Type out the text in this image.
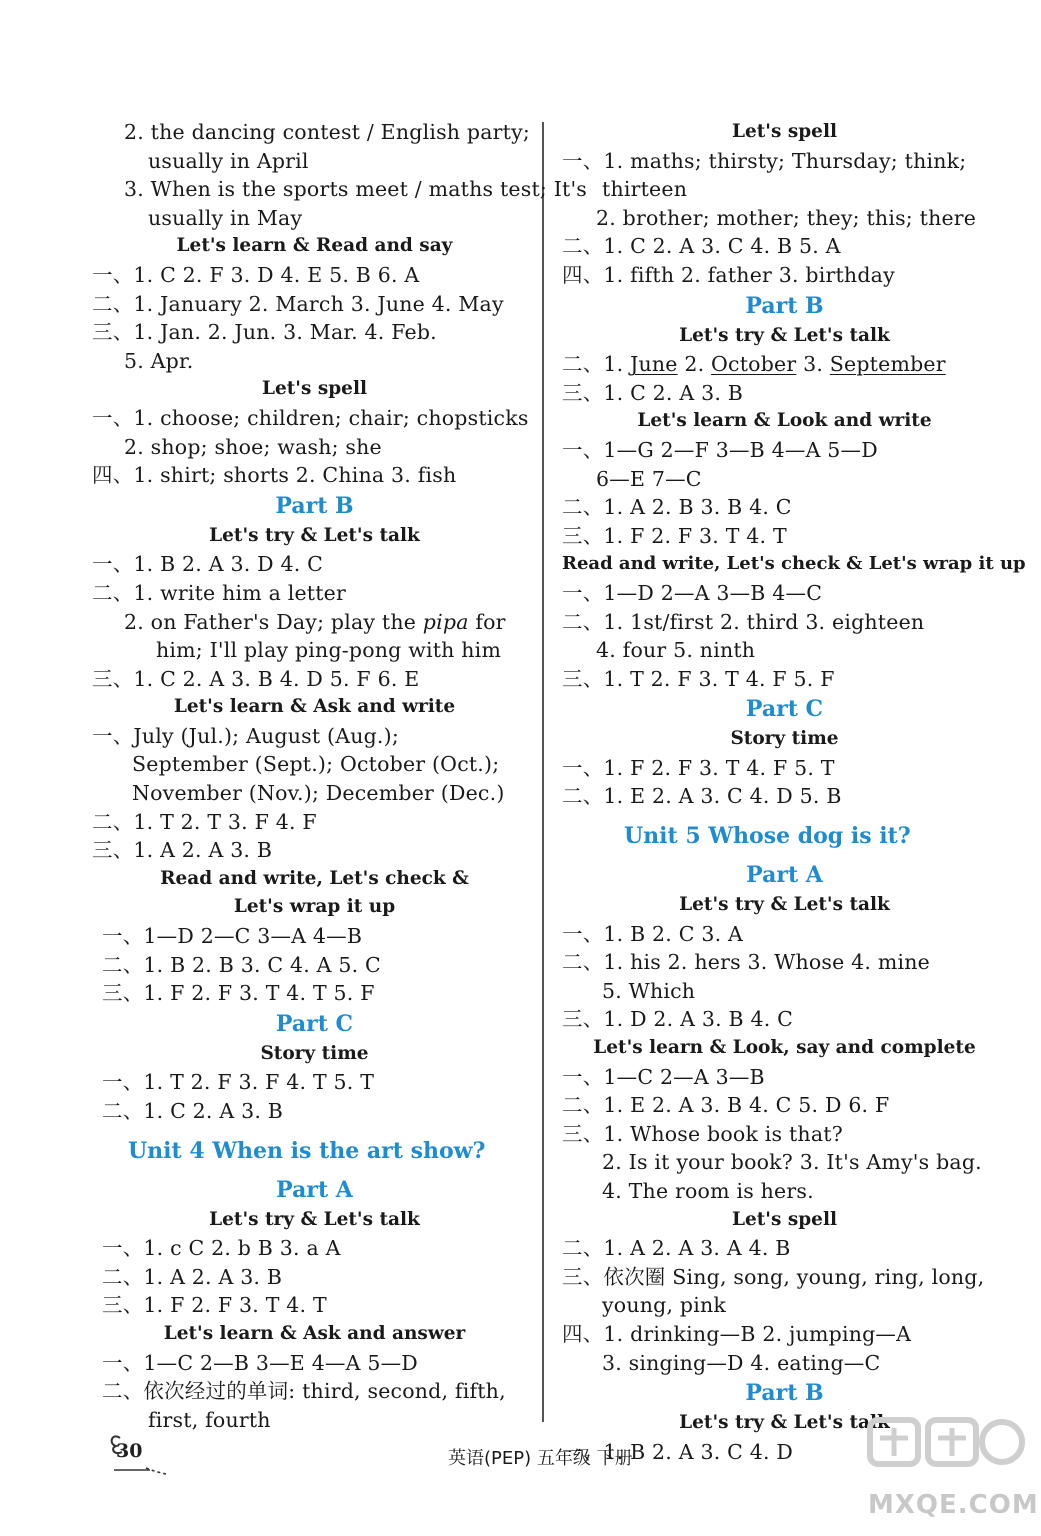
2. the dancing contest / English party;
usually in April
3. When is the sports meet / maths test; It's
usually in May
Let's learn & Read and say
一、1. C 2. F 3. D 4. E 5. B 6. A
二、1. January 2. March 3. June 4. May
三、1. Jan. 2. Jun. 3. Mar. 4. Feb.
5. Apr.
Let's spell
一、1. choose; children; chair; chopsticks
2. shop; shoe; wash; she
四、1. shirt; shorts 2. China 3. fish
Part B
Let's try & Let's talk
一、1. B 2. A 3. D 4. C
二、1. write him a letter
2. on Father's Day; play the pipa for
him; I'll play ping-pong with him
三、1. C 2. A 3. B 4. D 5. F 6. E
Let's learn & Ask and write
一、July (Jul.); August (Aug.);
September (Sept.); October (Oct.);
November (Nov.); December (Dec.)
二、1. T 2. T 3. F 4. F
三、1. A 2. A 3. B
Read and write, Let's check &
Let's wrap it up
一、1—D 2—C 3—A 4—B
二、1. B 2. B 3. C 4. A 5. C
三、1. F 2. F 3. T 4. T 5. F
Part C
Story time
一、1. T 2. F 3. F 4. T 5. T
二、1. C 2. A 3. B
Unit 4 When is the art show?
Part A
Let's try & Let's talk
一、1. c C 2. b B 3. a A
二、1. A 2. A 3. B
三、1. F 2. F 3. T 4. T
Let's learn & Ask and answer
一、1—C 2—B 3—E 4—A 5—D
二、依次经过的单词: third, second, fifth,
first, fourth
Let's spell
一、1. maths; thirsty; Thursday; think;
thirteen
2. brother; mother; they; this; there
二、1. C 2. A 3. C 4. B 5. A
四、1. fifth 2. father 3. birthday
Part B
Let's try & Let's talk
二、1. June 2. October 3. September
三、1. C 2. A 3. B
Let's learn & Look and write
一、1—G 2—F 3—B 4—A 5—D
6—E 7—C
二、1. A 2. B 3. B 4. C
三、1. F 2. F 3. T 4. T
Read and write, Let's check & Let's wrap it up
一、1—D 2—A 3—B 4—C
二、1. 1st/first 2. third 3. eighteen
4. four 5. ninth
三、1. T 2. F 3. T 4. F 5. F
Part C
Story time
一、1. F 2. F 3. T 4. F 5. T
二、1. E 2. A 3. C 4. D 5. B
Unit 5 Whose dog is it?
Part A
Let's try & Let's talk
一、1. B 2. C 3. A
二、1. his 2. hers 3. Whose 4. mine
5. Which
三、1. D 2. A 3. B 4. C
Let's learn & Look, say and complete
一、1—C 2—A 3—B
二、1. E 2. A 3. B 4. C 5. D 6. F
三、1. Whose book is that?
2. Is it your book? 3. It's Amy's bag.
4. The room is hers.
Let's spell
二、1. A 2. A 3. A 4. B
三、依次圈 Sing, song, young, ring, long,
young, pink
四、1. drinking—B 2. jumping—A
3. singing—D 4. eating—C
Part B
Let's try & Let's talk
一、1. B 2. A 3. C 4. D
30	英语(PEP) 五年级 下册
MXQE.COM
